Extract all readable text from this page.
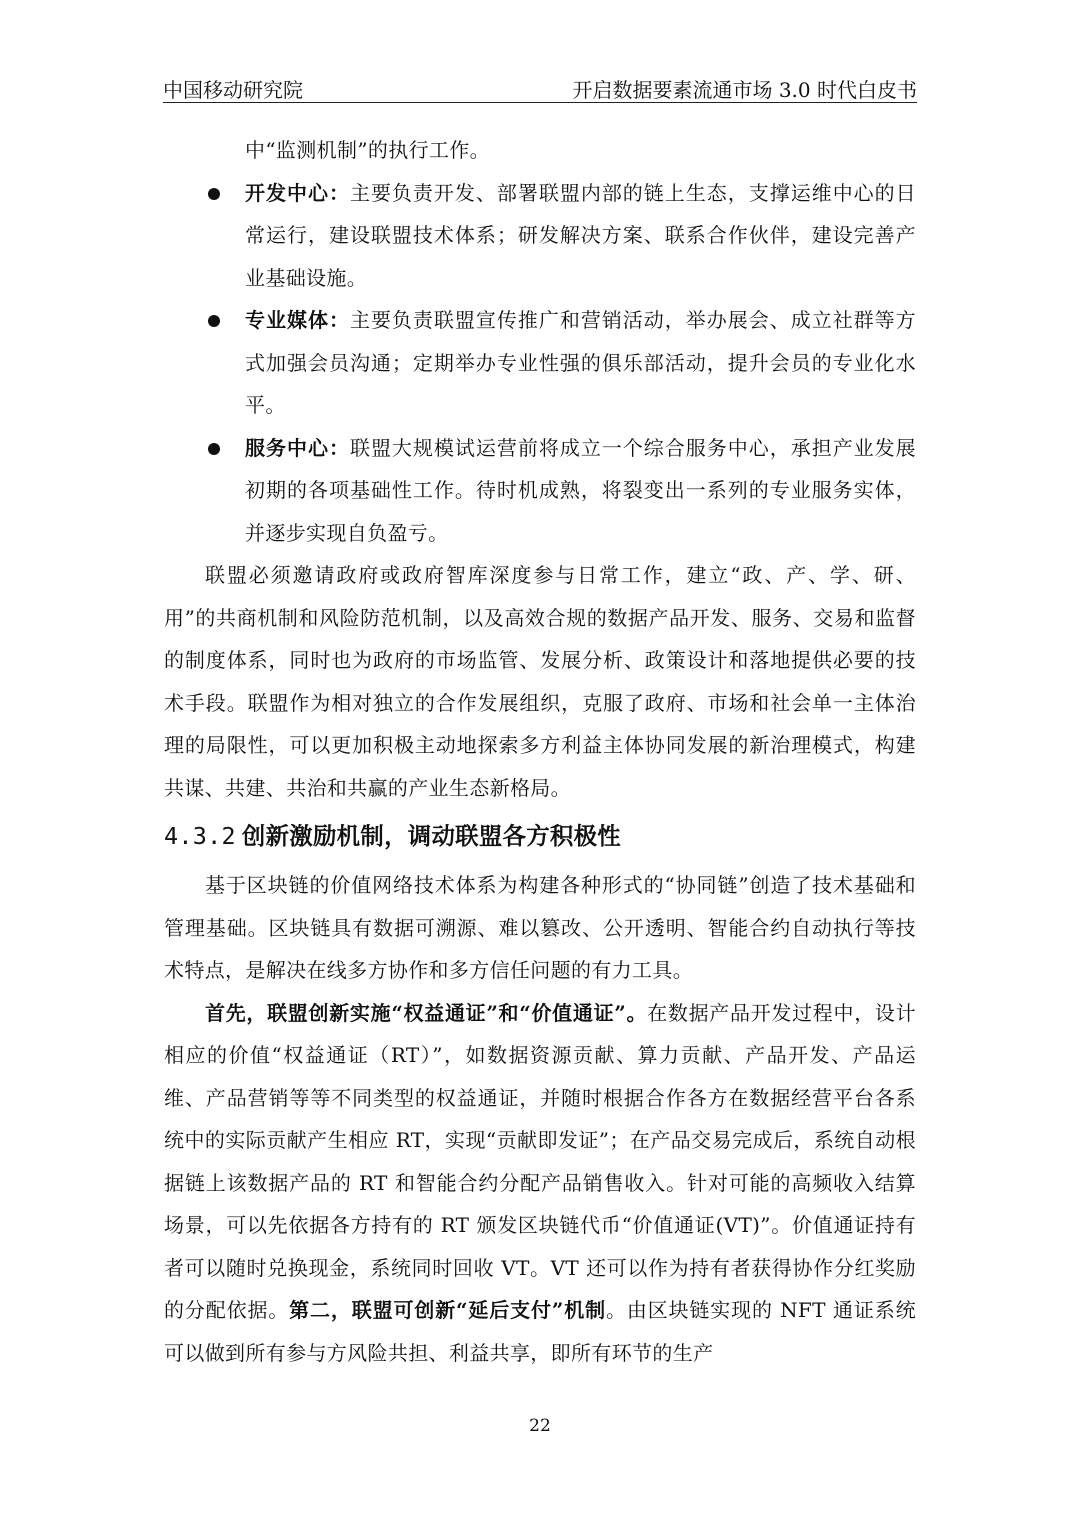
中国移动研究院	开启数据要素流通市场 3.0 时代白皮书

中“监测机制”的执行工作。

开发中心：主要负责开发、部署联盟内部的链上生态，支撑运维中心的日常运行，建设联盟技术体系；研发解决方案、联系合作伙伴，建设完善产业基础设施。
专业媒体：主要负责联盟宣传推广和营销活动，举办展会、成立社群等方式加强会员沟通；定期举办专业性强的俱乐部活动，提升会员的专业化水平。
服务中心：联盟大规模试运营前将成立一个综合服务中心，承担产业发展初期的各项基础性工作。待时机成熟，将裂变出一系列的专业服务实体，并逐步实现自负盈亏。

联盟必须邀请政府或政府智库深度参与日常工作，建立“政、产、学、研、用”的共商机制和风险防范机制，以及高效合规的数据产品开发、服务、交易和监督的制度体系，同时也为政府的市场监管、发展分析、政策设计和落地提供必要的技术手段。联盟作为相对独立的合作发展组织，克服了政府、市场和社会单一主体治理的局限性，可以更加积极主动地探索多方利益主体协同发展的新治理模式，构建共谋、共建、共治和共赢的产业生态新格局。

4.3.2 创新激励机制，调动联盟各方积极性

基于区块链的价值网络技术体系为构建各种形式的“协同链”创造了技术基础和管理基础。区块链具有数据可溯源、难以篡改、公开透明、智能合约自动执行等技术特点，是解决在线多方协作和多方信任问题的有力工具。

首先，联盟创新实施“权益通证”和“价值通证”。在数据产品开发过程中，设计相应的价值“权益通证（RT）”，如数据资源贡献、算力贡献、产品开发、产品运维、产品营销等等不同类型的权益通证，并随时根据合作各方在数据经营平台各系统中的实际贡献产生相应 RT，实现“贡献即发证”；在产品交易完成后，系统自动根据链上该数据产品的 RT 和智能合约分配产品销售收入。针对可能的高频收入结算场景，可以先依据各方持有的 RT 颁发区块链代币“价值通证(VT)”。价值通证持有者可以随时兑换现金，系统同时回收 VT。VT 还可以作为持有者获得协作分红奖励的分配依据。第二，联盟可创新“延后支付”机制。由区块链实现的 NFT 通证系统可以做到所有参与方风险共担、利益共享，即所有环节的生产

22
